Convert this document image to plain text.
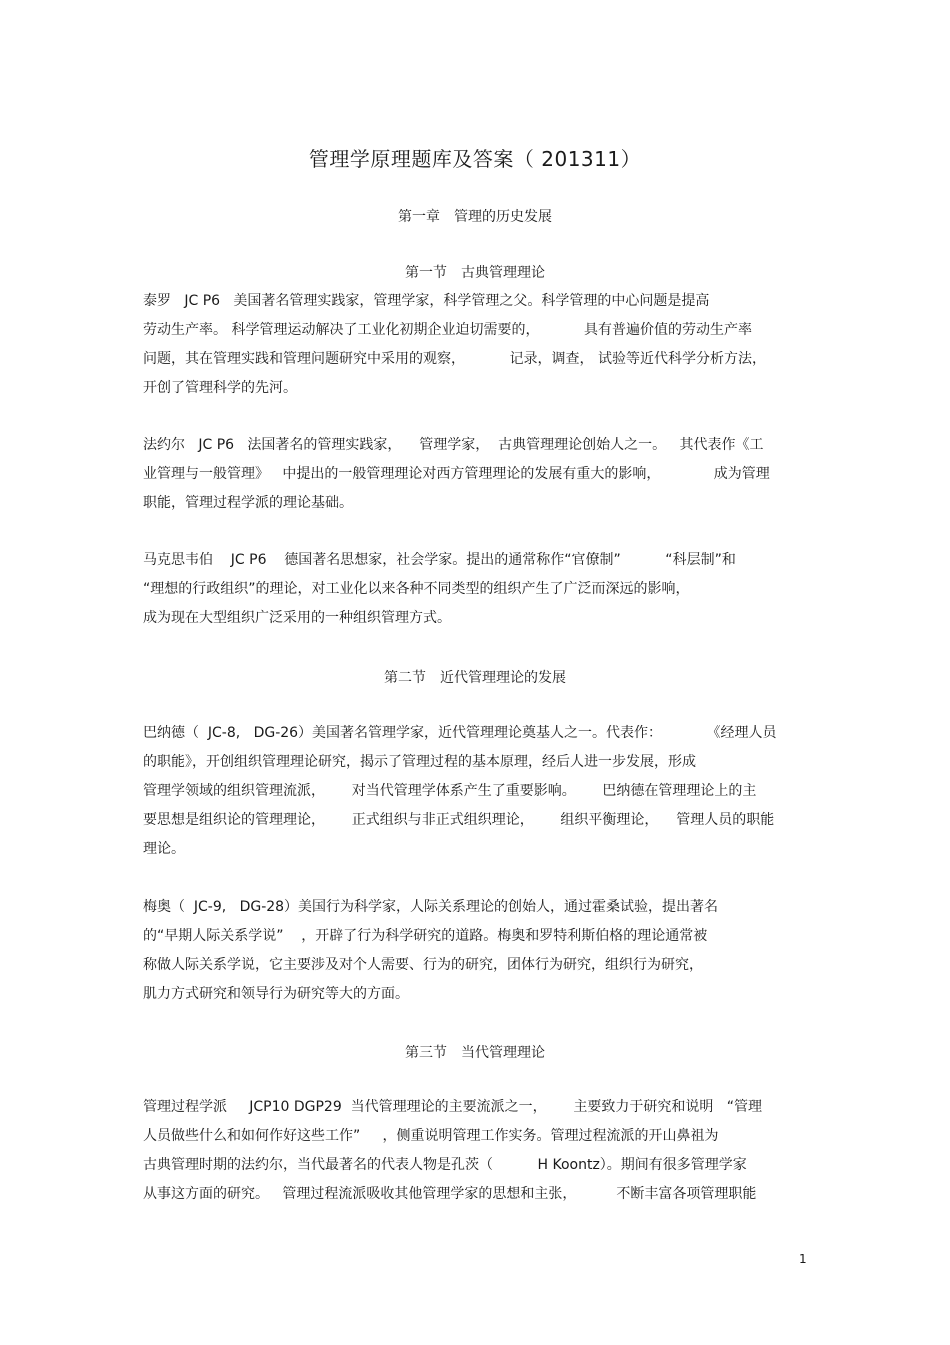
管理学原理题库及答案（ 201311）
第一章　管理的历史发展
第一节　古典管理理论
泰罗   JC P6   美国著名管理实践家，管理学家，科学管理之父。科学管理的中心问题是提高
劳动生产率。 科学管理运动解决了工业化初期企业迫切需要的，          具有普遍价值的劳动生产率
问题，其在管理实践和管理问题研究中采用的观察，          记录，调查， 试验等近代科学分析方法，
开创了管理科学的先河。
法约尔   JC P6   法国著名的管理实践家，    管理学家，  古典管理理论创始人之一。   其代表作《工
业管理与一般管理》   中提出的一般管理理论对西方管理理论的发展有重大的影响，            成为管理
职能，管理过程学派的理论基础。
马克思韦伯    JC P6    德国著名思想家，社会学家。提出的通常称作“官僚制”          “科层制”和
“理想的行政组织”的理论，对工业化以来各种不同类型的组织产生了广泛而深远的影响，
成为现在大型组织广泛采用的一种组织管理方式。
第二节　近代管理理论的发展
巴纳德（  JC-8,   DG-26）美国著名管理学家，近代管理理论奠基人之一。代表作：          《经理人员
的职能》，开创组织管理理论研究，揭示了管理过程的基本原理，经后人进一步发展，形成
管理学领域的组织管理流派，      对当代管理学体系产生了重要影响。      巴纳德在管理理论上的主
要思想是组织论的管理理论，      正式组织与非正式组织理论，      组织平衡理论，    管理人员的职能
理论。
梅奥（  JC-9,   DG-28）美国行为科学家，人际关系理论的创始人，通过霍桑试验，提出著名
的“早期人际关系学说”    ，开辟了行为科学研究的道路。梅奥和罗特利斯伯格的理论通常被
称做人际关系学说，它主要涉及对个人需要、行为的研究，团体行为研究，组织行为研究，
肌力方式研究和领导行为研究等大的方面。
第三节　当代管理理论
管理过程学派     JCP10 DGP29  当代管理理论的主要流派之一，      主要致力于研究和说明   “管理
人员做些什么和如何作好这些工作”     ，侧重说明管理工作实务。管理过程流派的开山鼻祖为
古典管理时期的法约尔，当代最著名的代表人物是孔茨（          H Koontz）。期间有很多管理学家
从事这方面的研究。   管理过程流派吸收其他管理学家的思想和主张，         不断丰富各项管理职能
1
